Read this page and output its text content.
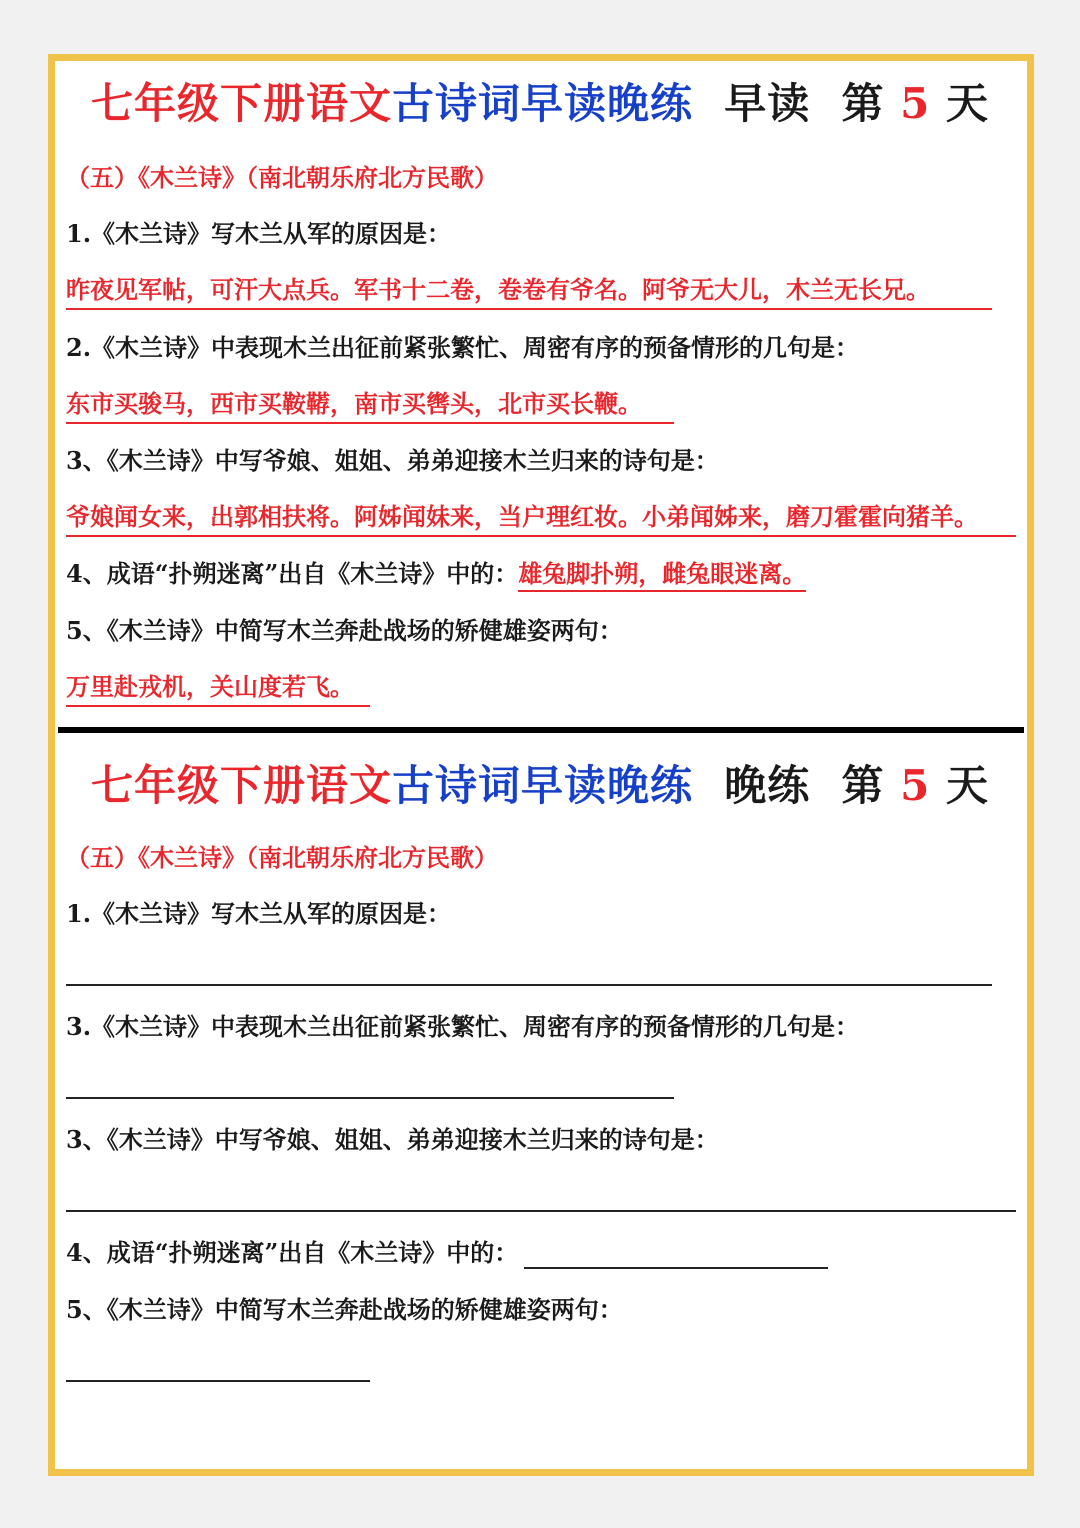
七年级下册语文古诗词早读晚练 早读 第 5 天
（五）《木兰诗》（南北朝乐府北方民歌）
1.《木兰诗》写木兰从军的原因是：
昨夜见军帖，可汗大点兵。军书十二卷，卷卷有爷名。阿爷无大儿，木兰无长兄。
2.《木兰诗》中表现木兰出征前紧张繁忙、周密有序的预备情形的几句是：
东市买骏马，西市买鞍鞯，南市买辔头，北市买长鞭。
3、《木兰诗》中写爷娘、姐姐、弟弟迎接木兰归来的诗句是：
爷娘闻女来，出郭相扶将。阿姊闻妹来，当户理红妆。小弟闻姊来，磨刀霍霍向猪羊。
4、成语“扑朔迷离”出自《木兰诗》中的：雄兔脚扑朔，雌兔眼迷离。
5、《木兰诗》中简写木兰奔赴战场的矫健雄姿两句：
万里赴戎机，关山度若飞。
七年级下册语文古诗词早读晚练 晚练 第 5 天
（五）《木兰诗》（南北朝乐府北方民歌）
1.《木兰诗》写木兰从军的原因是：
3.《木兰诗》中表现木兰出征前紧张繁忙、周密有序的预备情形的几句是：
3、《木兰诗》中写爷娘、姐姐、弟弟迎接木兰归来的诗句是：
4、成语“扑朔迷离”出自《木兰诗》中的：
5、《木兰诗》中简写木兰奔赴战场的矫健雄姿两句：
